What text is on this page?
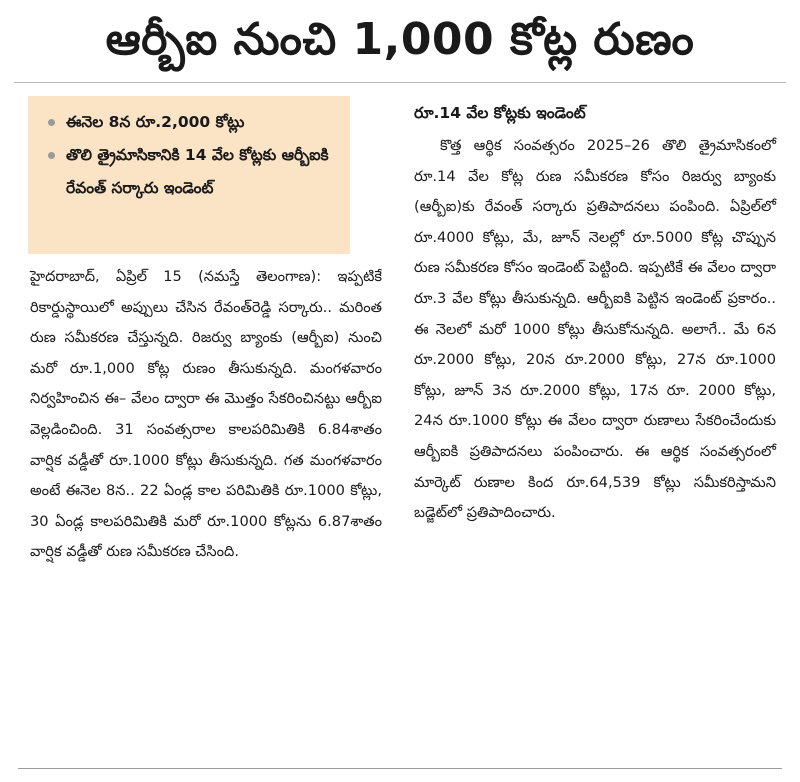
ఆర్బీఐ నుంచి 1,000 కోట్ల రుణం
ఈనెల 8న రూ.2,000 కోట్లు
తొలి త్రైమాసికానికి 14 వేల కోట్లకు ఆర్బీఐకి రేవంత్ సర్కారు ఇండెంట్

హైదరాబాద్, ఏప్రిల్ 15 (నమస్తే తెలంగాణ): ఇప్పటికే రికార్డుస్థాయిలో అప్పులు చేసిన రేవంత్‌రెడ్డి సర్కారు.. మరింత రుణ సమీకరణ చేస్తున్నది. రిజర్వు బ్యాంకు (ఆర్బీఐ) నుంచి మరో రూ.1,000 కోట్ల రుణం తీసుకున్నది. మంగళవారం నిర్వహించిన ఈ– వేలం ద్వారా ఈ మొత్తం సేకరించినట్టు ఆర్బీఐ వెల్లడించింది. 31 సంవత్సరాల కాలపరిమితికి 6.84శాతం వార్షిక వడ్డీతో రూ.1000 కోట్లు తీసుకున్నది. గత మంగళవారం అంటే ఈనెల 8న.. 22 ఏండ్ల కాల పరిమితికి రూ.1000 కోట్లు, 30 ఏండ్ల కాలపరిమితికి మరో రూ.1000 కోట్లను 6.87శాతం వార్షిక వడ్డీతో రుణ సమీకరణ చేసింది.

రూ.14 వేల కోట్లకు ఇండెంట్

కొత్త ఆర్థిక సంవత్సరం 2025–26 తొలి త్రైమాసికంలో రూ.14 వేల కోట్ల రుణ సమీకరణ కోసం రిజర్వు బ్యాంకు (ఆర్బీఐ)కు రేవంత్ సర్కారు ప్రతిపాదనలు పంపింది. ఏప్రిల్‌లో రూ.4000 కోట్లు, మే, జూన్ నెలల్లో రూ.5000 కోట్ల చొప్పున రుణ సమీకరణ కోసం ఇండెంట్ పెట్టింది. ఇప్పటికే ఈ వేలం ద్వారా రూ.3 వేల కోట్లు తీసుకున్నది. ఆర్బీఐకి పెట్టిన ఇండెంట్ ప్రకారం.. ఈ నెలలో మరో 1000 కోట్లు తీసుకోనున్నది. అలాగే.. మే 6న రూ.2000 కోట్లు, 20న రూ.2000 కోట్లు, 27న రూ.1000 కోట్లు, జూన్ 3న రూ.2000 కోట్లు, 17న రూ. 2000 కోట్లు, 24న రూ.1000 కోట్లు ఈ వేలం ద్వారా రుణాలు సేకరించేందుకు ఆర్బీఐకి ప్రతిపాదనలు పంపించారు. ఈ ఆర్థిక సంవత్సరంలో మార్కెట్ రుణాల కింద రూ.64,539 కోట్లు సమీకరిస్తామని బడ్జెట్‌లో ప్రతిపాదించారు.
